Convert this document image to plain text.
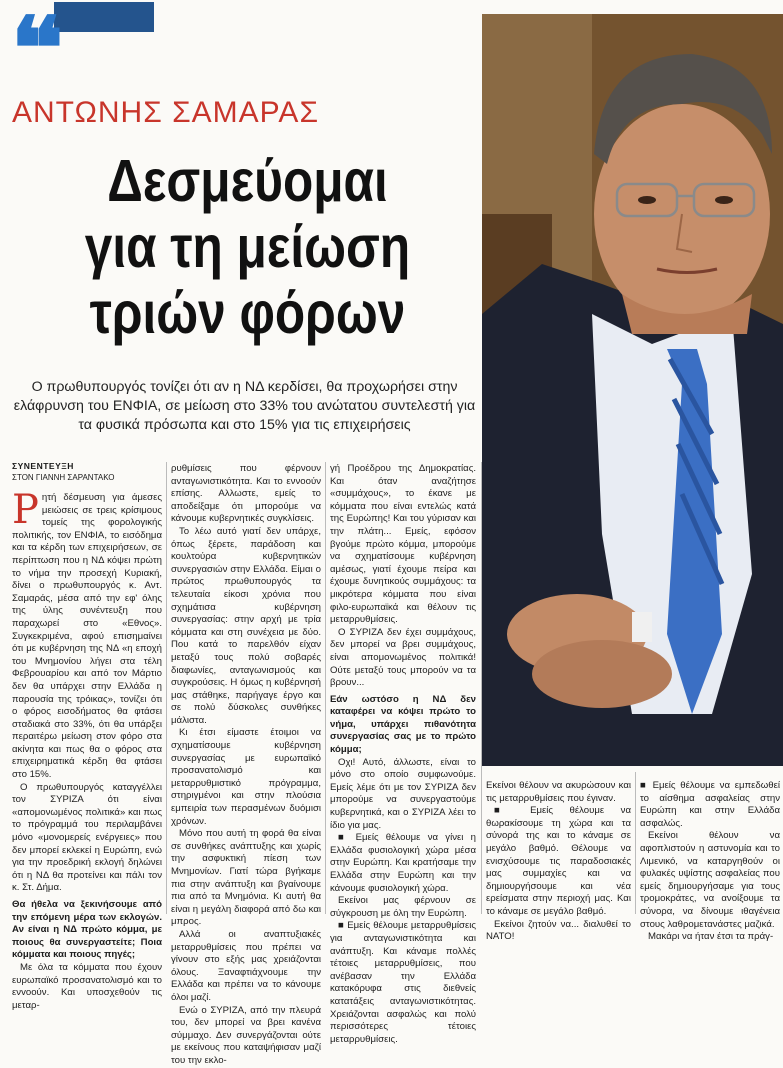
❝
ΑΝΤΩΝΗΣ ΣΑΜΑΡΑΣ
Δεσμεύομαι
για τη μείωση
τριών φόρων
Ο πρωθυπουργός τονίζει ότι αν η ΝΔ κερδίσει, θα προχωρήσει στην ελάφρυνση του ΕΝΦΙΑ, σε μείωση στο 33% του ανώτατου συντελεστή για τα φυσικά πρόσωπα και στο 15% για τις επιχειρήσεις
ΣΥΝΕΝΤΕΥΞΗ
ΣΤΟΝ ΓΙΑΝΝΗ ΣΑΡΑΝΤΑΚΟ

Ρητή δέσμευση για άμεσες μειώσεις σε τρεις κρίσιμους τομείς της φορολογικής πολιτικής, τον ΕΝΦΙΑ, το εισόδημα και τα κέρδη των επιχειρήσεων, σε περίπτωση που η ΝΔ κόψει πρώτη το νήμα την προσεχή Κυριακή, δίνει ο πρωθυπουργός κ. Αντ. Σαμαράς, μέσα από την εφ' όλης της ύλης συνέντευξη που παραχωρεί στο «Εθνος». Συγκεκριμένα, αφού επισημαίνει ότι με κυβέρνηση της ΝΔ «η εποχή του Μνημονίου λήγει στα τέλη Φεβρουαρίου και από τον Μάρτιο δεν θα υπάρχει στην Ελλάδα η παρουσία της τρόικας», τονίζει ότι ο φόρος εισοδήματος θα φτάσει σταδιακά στο 33%, ότι θα υπάρξει περαιτέρω μείωση στον φόρο στα ακίνητα και πως θα ο φόρος στα επιχειρηματικά κέρδη θα φτάσει στο 15%.

Ο πρωθυπουργός καταγγέλλει τον ΣΥΡΙΖΑ ότι είναι «απομονωμένος πολιτικά» και πως το πρόγραμμά του περιλαμβάνει μόνο «μονομερείς ενέργειες» που δεν μπορεί εκλεκεί η Ευρώπη, ενώ για την προεδρική εκλογή δηλώνει ότι η ΝΔ θα προτείνει και πάλι τον κ. Στ. Δήμα.

Θα ήθελα να ξεκινήσουμε από την επόμενη μέρα των εκλογών. Αν είναι η ΝΔ πρώτο κόμμα, με ποιους θα συνεργαστείτε; Ποια κόμματα και ποιους πηγές;

Με όλα τα κόμματα που έχουν ευρωπαϊκό προσανατολισμό και το ενvooύν. Και υποσχεθούν τις μεταρ-

ρυθμίσεις που φέρνουν ανταγωνιστικότητα. Και το εννοούν επίσης. Αλλωστε, εμείς το αποδείξαμε ότι μπορούμε να κάνουμε κυβερνητικές συγκλίσεις.

Το λέω αυτό γιατί δεν υπάρχε, όπως ξέρετε, παράδοση και κουλτούρα κυβερνητικών συνεργασιών στην Ελλάδα. Είμαι ο πρώτος πρωθυπουργός τα τελευταία είκοσι χρόνια που σχημάτισα κυβέρνηση συνεργασίας: στην αρχή με τρία κόμματα και στη συνέχεια με δύο. Που κατά το παρελθόν είχαν μεταξύ τους πολύ σοβαρές διαφωνίες, ανταγωνισμούς και συγκρούσεις. Η όμως η κυβέρνησή μας στάθηκε, παρήγαγε έργο και σε πολύ δύσκολες συνθήκες μάλιστα.

Κι έτσι είμαστε έτοιμοι να σχηματίσουμε κυβέρνηση συνεργασίας με ευρωπαϊκό προσανατολισμό και μεταρρυθμιστικό πρόγραμμα, στηριγμένοι και στην πλούσια εμπειρία των περασμένων δυόμισι χρόνων.

Μόνο που αυτή τη φορά θα είναι σε συνθήκες ανάπτυξης και χωρίς την ασφυκτική πίεση των Μνημονίων. Γιατί τώρα βγήκαμε πια στην ανάπτυξη και βγαίνουμε πια από τα Μνημόνια. Κι αυτή θα είναι η μεγάλη διαφορά από δω και μπρος.

Αλλά οι αναπτυξιακές μεταρρυθμίσεις που πρέπει να γίνουν στο εξής μας χρειάζονται όλους. Ξαναφτιάχνουμε την Ελλάδα και πρέπει να το κάνουμε όλοι μαζί.

Ενώ ο ΣΥΡΙΖΑ, από την πλευρά του, δεν μπορεί να βρει κανένα σύμμαχο. Δεν συνεργάζονται ούτε με εκείνους που καταψήφισαν μαζί του την εκλο-

γή Προέδρου της Δημοκρατίας. Και όταν αναζήτησε «συμμάχους», το έκανε με κόμματα που είναι εντελώς κατά της Ευρώπης! Και του γύρισαν και την πλάτη... Εμείς, εφόσον βγούμε πρώτο κόμμα, μπορούμε να σχηματίσουμε κυβέρνηση αμέσως, γιατί έχουμε πείρα και έχουμε δυνητικούς συμμάχους: τα μικρότερα κόμματα που είναι φιλο-ευρωπαϊκά και θέλουν τις μεταρρυθμίσεις.

Ο ΣΥΡΙΖΑ δεν έχει συμμάχους, δεν μπορεί να βρει συμμάχους, είναι απομονωμένος πολιτικά! Ούτε μεταξύ τους μπορούν να τα βρουν...

Εάν ωστόσο η ΝΔ δεν καταφέρει να κόψει πρώτο το νήμα, υπάρχει πιθανότητα συνεργασίας σας με το πρώτο κόμμα;

Οχι! Αυτό, άλλωστε, είναι το μόνο στο οποίο συμφωνούμε. Εμείς λέμε ότι με τον ΣΥΡΙΖΑ δεν μπορούμε να συνεργαστούμε κυβερνητικά, και ο ΣΥΡΙΖΑ λέει το ίδιο για μας.

■ Εμείς θέλουμε να γίνει η Ελλάδα φυσιολογική χώρα μέσα στην Ευρώπη. Και κρατήσαμε την Ελλάδα στην Ευρώπη και την κάνουμε φυσιολογική χώρα.

Εκείνοι μας φέρνουν σε σύγκρουση με όλη την Ευρώπη.

■ Εμείς θέλουμε μεταρρυθμίσεις για ανταγωνιστικότητα και ανάπτυξη. Και κάναμε πολλές τέτοιες μεταρρυθμίσεις, που ανέβασαν την Ελλάδα κατακόρυφα στις διεθνείς κατατάξεις ανταγωνιστικότητας. Χρειάζονται ασφαλώς και πολύ περισσότερες τέτοιες μεταρρυθμίσεις.

Εκείνοι θέλουν να ακυρώσουν και τις μεταρρυθμίσεις που έγιναν.

■ Εμείς θέλουμε να θωρακίσουμε τη χώρα και τα σύνορά της και το κάναμε σε μεγάλο βαθμό. Θέλουμε να ενισχύσουμε τις παραδοσιακές μας συμμαχίες και να δημιουργήσουμε και νέα ερείσματα στην περιοχή μας. Και το κάναμε σε μεγάλο βαθμό.

Εκείνοι ζητούν να... διαλυθεί το ΝΑΤΟ!

■ Εμείς θέλουμε να εμπεδωθεί το αίσθημα ασφαλείας στην Ευρώπη και στην Ελλάδα ασφαλώς.

Εκείνοι θέλουν να αφοπλιστούν η αστυνομία και το Λιμενικό, να καταργηθούν οι φυλακές υψίστης ασφαλείας που εμείς δημιουργήσαμε για τους τρομοκράτες, να ανοίξουμε τα σύνορα, να δίνουμε ιθαγένεια στους λαθρομετανάστες μαζικά.

Μακάρι να ήταν έτσι τα πράγ-
